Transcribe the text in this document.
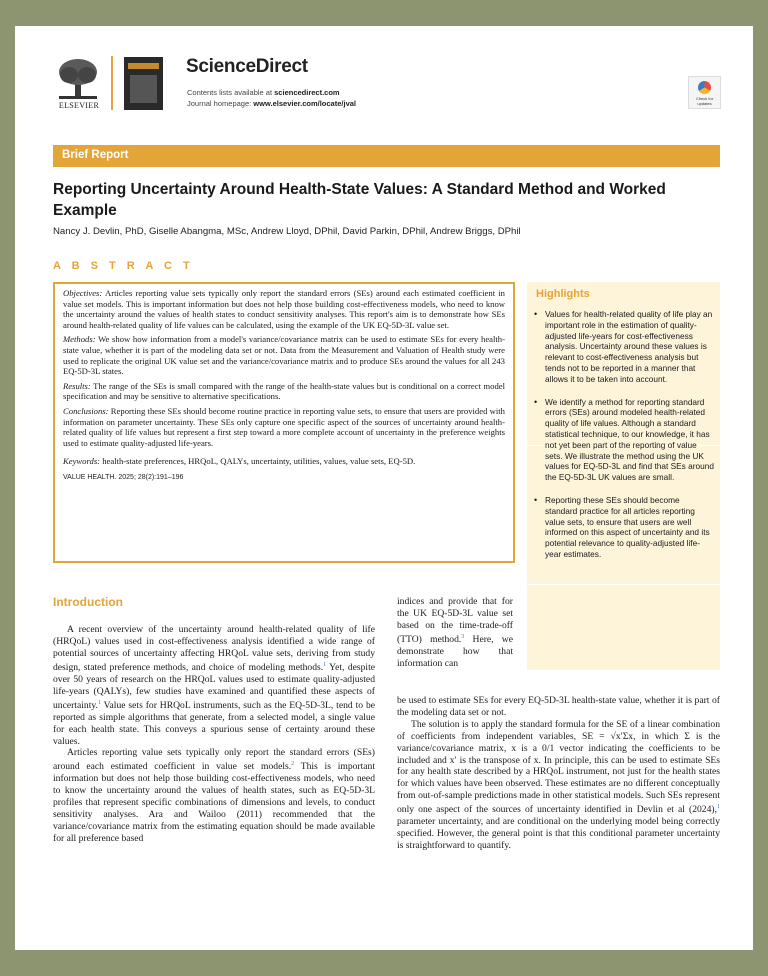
ELSEVIER
ScienceDirect
Contents lists available at sciencedirect.com
Journal homepage: www.elsevier.com/locate/jval
Check for updates
Brief Report
Reporting Uncertainty Around Health-State Values: A Standard Method and Worked Example
Nancy J. Devlin, PhD, Giselle Abangma, MSc, Andrew Lloyd, DPhil, David Parkin, DPhil, Andrew Briggs, DPhil
A B S T R A C T

Objectives: Articles reporting value sets typically only report the standard errors (SEs) around each estimated coefficient in value set models. This is important information but does not help those building cost-effectiveness models, who need to know the uncertainty around the values of health states to conduct sensitivity analyses. This report's aim is to demonstrate how SEs around health-related quality of life values can be calculated, using the example of the UK EQ-5D-3L value set.

Methods: We show how information from a model's variance/covariance matrix can be used to estimate SEs for every health-state value, whether it is part of the modeling data set or not. Data from the Measurement and Valuation of Health study were used to replicate the original UK value set and the variance/covariance matrix and to produce SEs around the values for all 243 EQ-5D-3L states.

Results: The range of the SEs is small compared with the range of the health-state values but is conditional on a correct model specification and may be sensitive to alternative specifications.

Conclusions: Reporting these SEs should become routine practice in reporting value sets, to ensure that users are provided with information on parameter uncertainty. These SEs only capture one specific aspect of the sources of uncertainty around health-related quality of life values but represent a first step toward a more complete account of uncertainty in the preference weights used to estimate quality-adjusted life-years.

Keywords: health-state preferences, HRQoL, QALYs, uncertainty, utilities, values, value sets, EQ-5D.

VALUE HEALTH. 2025; 28(2):191–196
Highlights
• Values for health-related quality of life play an important role in the estimation of quality-adjusted life-years for cost-effectiveness analysis. Uncertainty around these values is relevant to cost-effectiveness analysis but tends not to be reported in a manner that allows it to be taken into account.
• We identify a method for reporting standard errors (SEs) around modeled health-related quality of life values. Although a standard statistical technique, to our knowledge, it has not yet been part of the reporting of value sets. We illustrate the method using the UK values for EQ-5D-3L and find that SEs around the EQ-5D-3L UK values are small.
• Reporting these SEs should become standard practice for all articles reporting value sets, to ensure that users are well informed on this aspect of uncertainty and its potential relevance to quality-adjusted life-year estimates.
Introduction

A recent overview of the uncertainty around health-related quality of life (HRQoL) values used in cost-effectiveness analysis identified a wide range of potential sources of uncertainty affecting HRQoL value sets, deriving from study design, stated preference methods, and choice of modeling methods.$^1$ Yet, despite over 50 years of research on the HRQoL values used to estimate quality-adjusted life-years (QALYs), few studies have examined and quantified these aspects of uncertainty.$^1$ Value sets for HRQoL instruments, such as the EQ-5D-3L, tend to be reported as simple algorithms that generate, from a selected model, a single value for each health state. This conveys a spurious sense of certainty around these values.

Articles reporting value sets typically only report the standard errors (SEs) around each estimated coefficient in value set models.$^2$ This is important information but does not help those building cost-effectiveness models, who need to know the uncertainty around the values of health states, such as EQ-5D-3L profiles that represent specific combinations of dimensions and levels, to conduct sensitivity analyses. Ara and Wailoo (2011) recommended that the variance/covariance matrix from the estimating equation should be made available for all preference based

indices and provide that for the UK EQ-5D-3L value set based on the time-trade-off (TTO) method.$^3$ Here, we demonstrate how that information can

be used to estimate SEs for every EQ-5D-3L health-state value, whether it is part of the modeling data set or not.

The solution is to apply the standard formula for the SE of a linear combination of coefficients from independent variables, SE = √x′Σx, in which Σ is the variance/covariance matrix, x is a 0/1 vector indicating the coefficients to be included and x′ is the transpose of x. In principle, this can be used to estimate SEs for any health state described by a HRQoL instrument, not just for the health states for which values have been observed. These estimates are no different conceptually from out-of-sample predictions made in other statistical models. Such SEs represent only one aspect of the sources of uncertainty identified in Devlin et al (2024),$^1$ parameter uncertainty, and are conditional on the underlying model being correctly specified. However, the general point is that this conditional parameter uncertainty is straightforward to quantify.
